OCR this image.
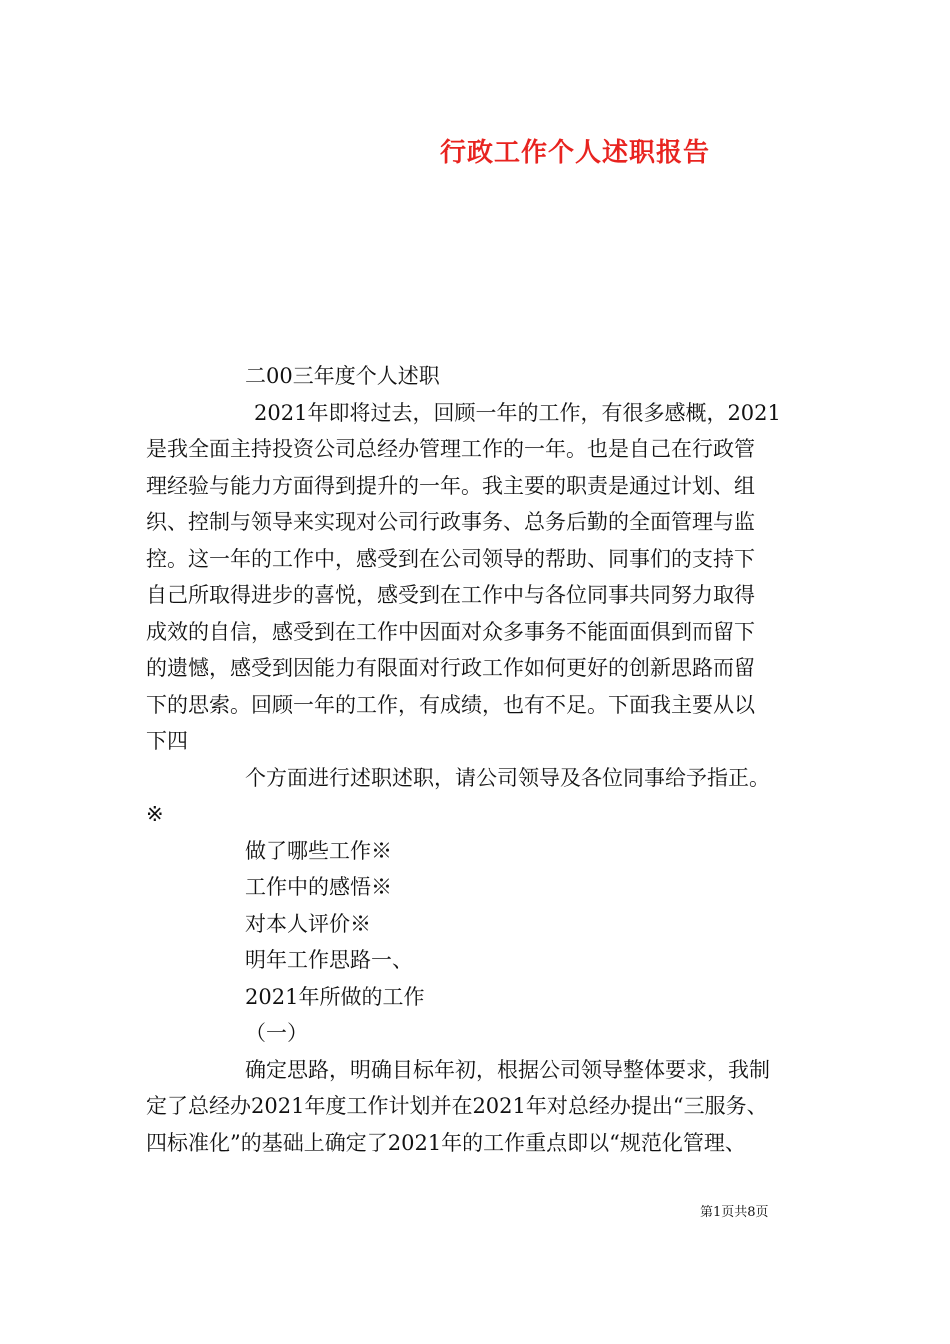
行政工作个人述职报告
二00三年度个人述职
2021年即将过去，回顾一年的工作，有很多感概，2021
是我全面主持投资公司总经办管理工作的一年。也是自己在行政管
理经验与能力方面得到提升的一年。我主要的职责是通过计划、组
织、控制与领导来实现对公司行政事务、总务后勤的全面管理与监
控。这一年的工作中，感受到在公司领导的帮助、同事们的支持下
自己所取得进步的喜悦，感受到在工作中与各位同事共同努力取得
成效的自信，感受到在工作中因面对众多事务不能面面俱到而留下
的遗憾，感受到因能力有限面对行政工作如何更好的创新思路而留
下的思索。回顾一年的工作，有成绩，也有不足。下面我主要从以
下四
个方面进行述职述职，请公司领导及各位同事给予指正。
※
做了哪些工作※
工作中的感悟※
对本人评价※
明年工作思路一、
2021年所做的工作
（一）
确定思路，明确目标年初，根据公司领导整体要求，我制
定了总经办2021年度工作计划并在2021年对总经办提出“三服务、
四标准化”的基础上确定了2021年的工作重点即以“规范化管理、
第1页共8页
